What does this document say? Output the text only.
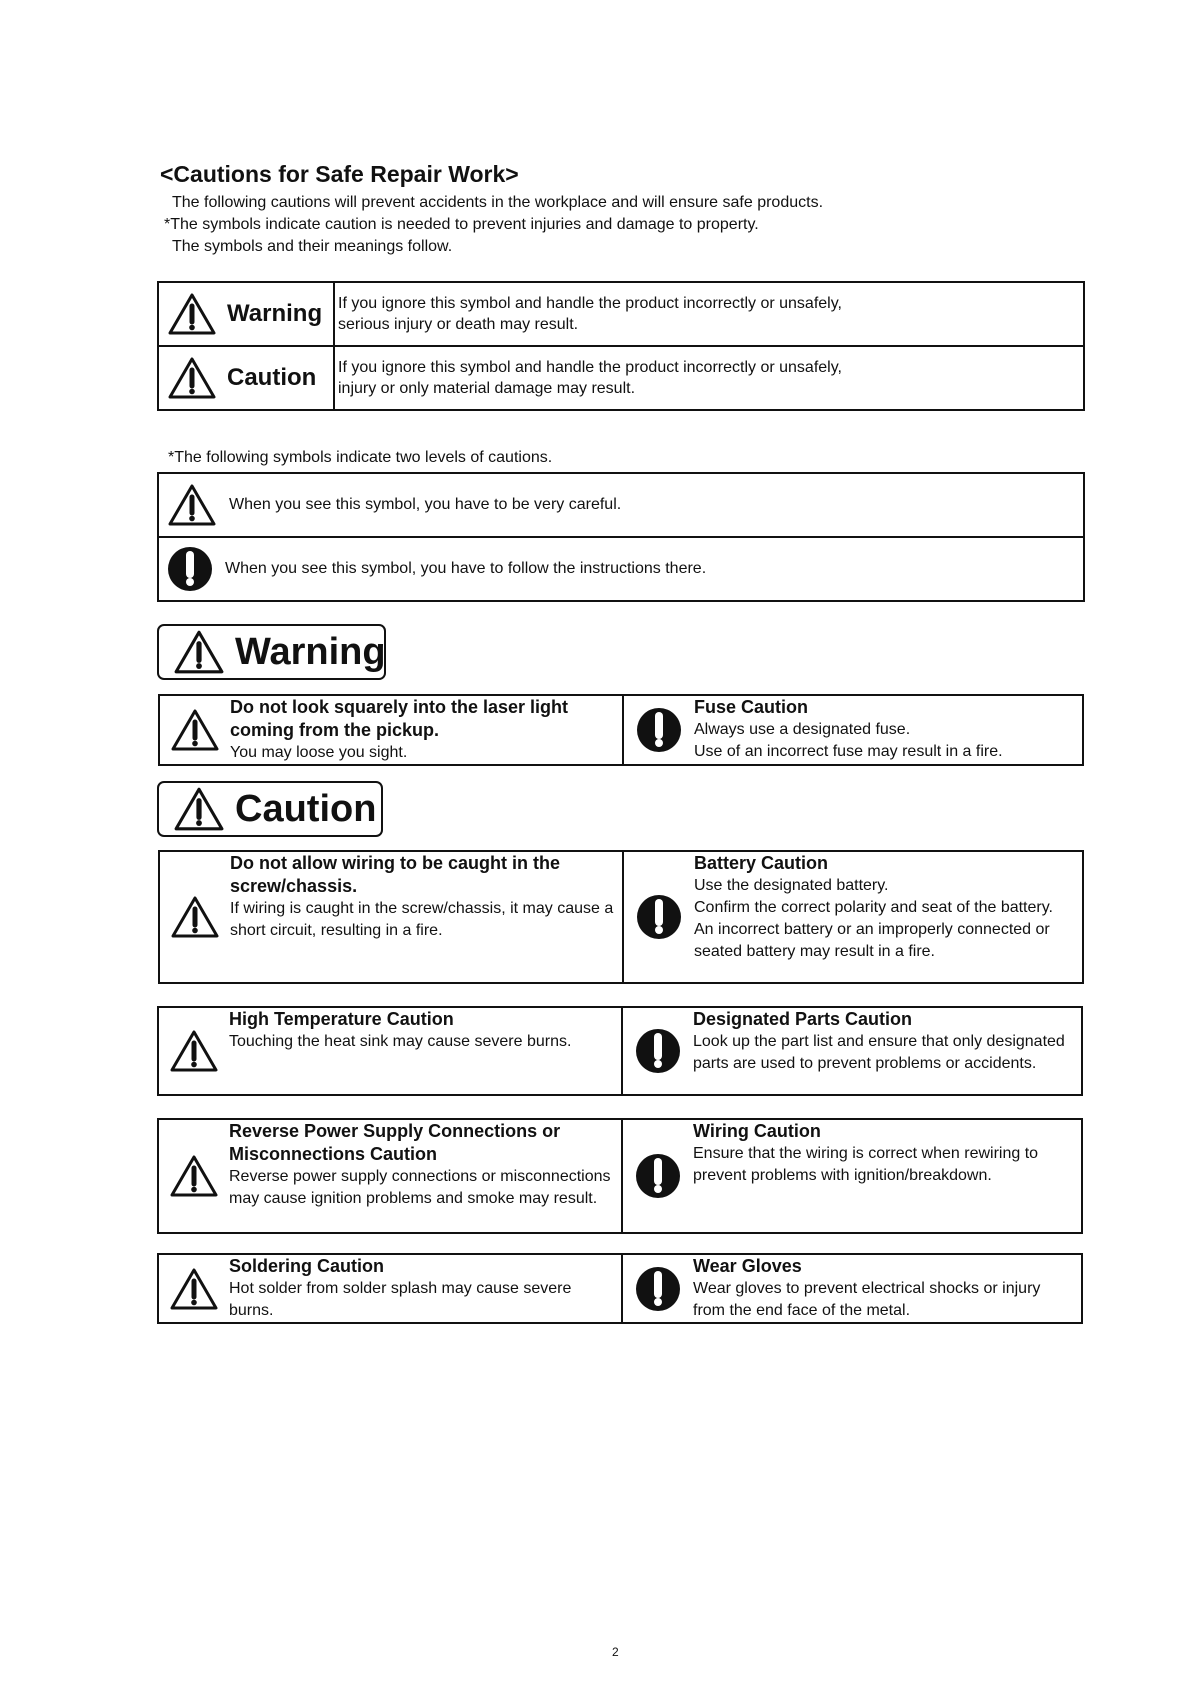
<Cautions for Safe Repair Work>

The following cautions will prevent accidents in the workplace and will ensure safe products.

*The symbols indicate caution is needed to prevent injuries and damage to property.

The symbols and their meanings follow.

Warning	If you ignore this symbol and handle the product incorrectly or unsafely,
serious injury or death may result.

Caution	If you ignore this symbol and handle the product incorrectly or unsafely,
injury or only material damage may result.

*The following symbols indicate two levels of cautions.

When you see this symbol, you have to be very careful.

When you see this symbol, you have to follow the instructions there.
Warning

Do not look squarely into the laser light coming from the pickup.

You may loose you sight.

Fuse Caution

Always use a designated fuse.
Use of an incorrect fuse may result in a fire.

Caution

Do not allow wiring to be caught in the screw/chassis.

If wiring is caught in the screw/chassis, it may cause a short circuit, resulting in a fire.

Battery Caution

Use the designated battery.
Confirm the correct polarity and seat of the battery.
An incorrect battery or an improperly connected or seated battery may result in a fire.

High Temperature Caution

Touching the heat sink may cause severe burns.

Designated Parts Caution

Look up the part list and ensure that only designated parts are used to prevent problems or accidents.

Reverse Power Supply Connections or Misconnections Caution

Reverse power supply connections or misconnections may cause ignition problems and smoke may result.

Wiring Caution

Ensure that the wiring is correct when rewiring to prevent problems with ignition/breakdown.

Soldering Caution

Hot solder from solder splash may cause severe burns.

Wear Gloves

Wear gloves to prevent electrical shocks or injury from the end face of the metal.

2
